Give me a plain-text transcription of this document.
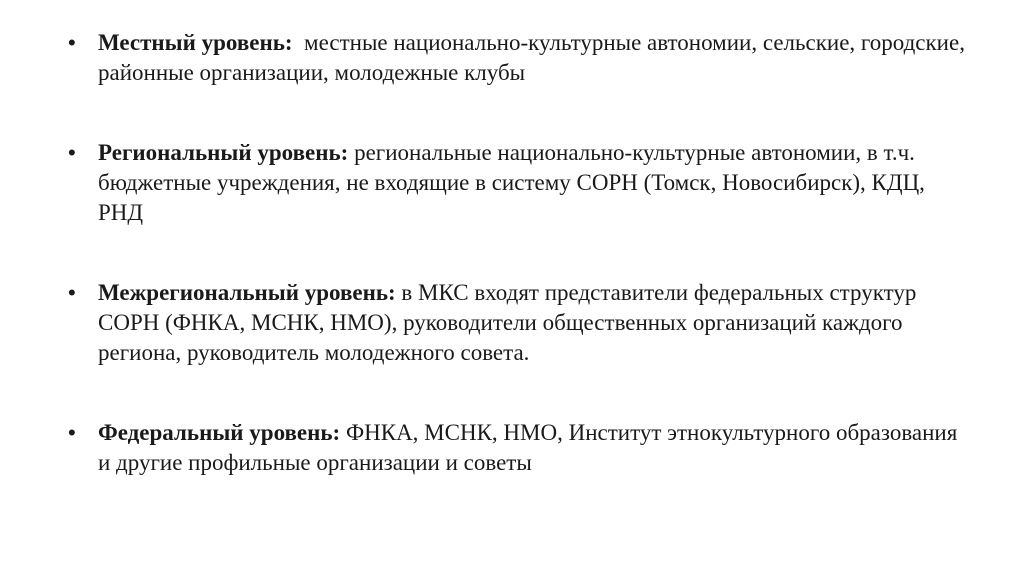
• Местный уровень:  местные национально-культурные автономии, сельские, городские, районные организации, молодежные клубы
• Региональный уровень: региональные национально-культурные автономии, в т.ч. бюджетные учреждения, не входящие в систему СОРН (Томск, Новосибирск), КДЦ, РНД
• Межрегиональный уровень: в МКС входят представители федеральных структур СОРН (ФНКА, МСНК, НМО), руководители общественных организаций каждого региона, руководитель молодежного совета.
• Федеральный уровень: ФНКА, МСНК, НМО, Институт этнокультурного образования и другие профильные организации и советы
